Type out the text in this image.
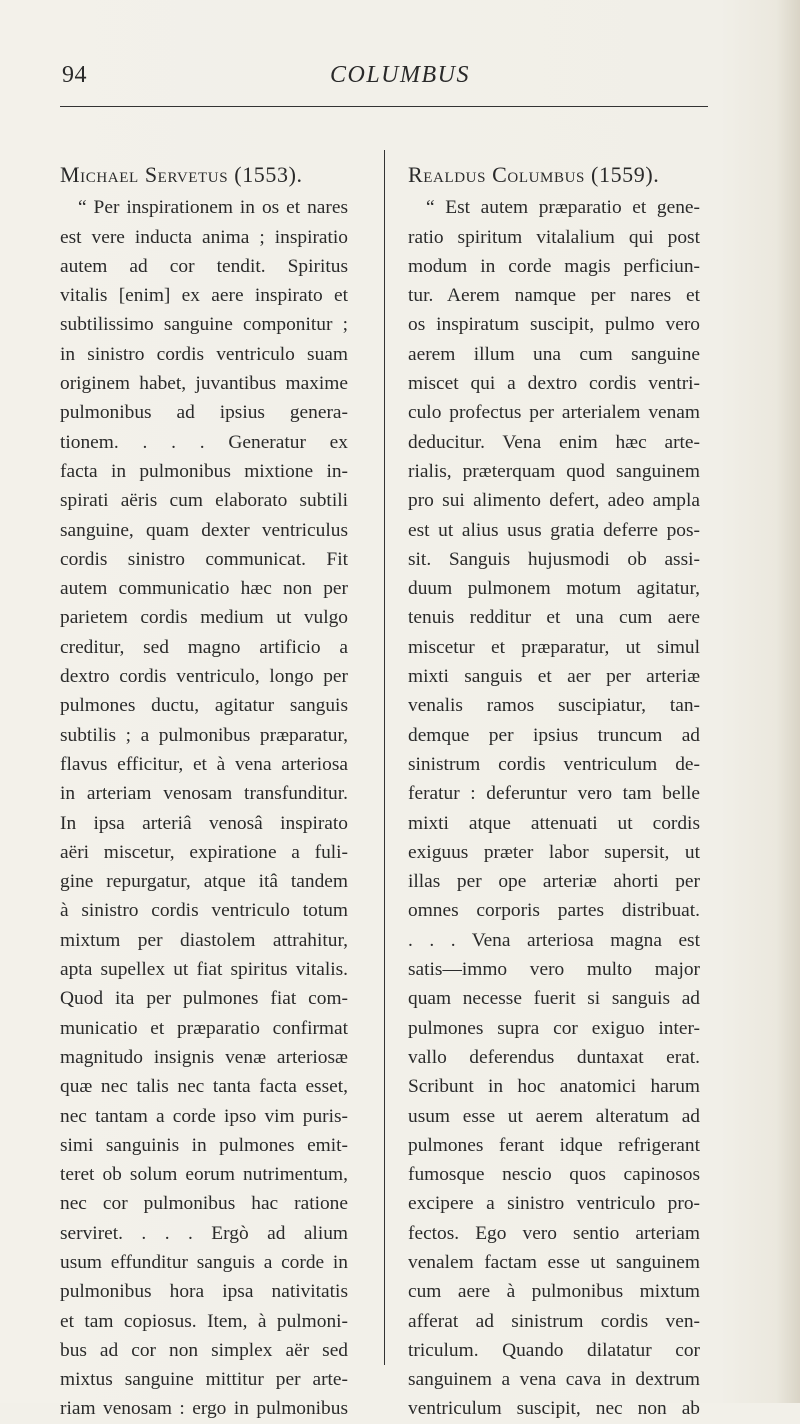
94	COLUMBUS
Michael Servetus (1553).
“ Per inspirationem in os et nares
est vere inducta anima ; inspiratio
autem ad cor tendit. Spiritus
vitalis [enim] ex aere inspirato et
subtilissimo sanguine componitur ;
in sinistro cordis ventriculo suam
originem habet, juvantibus maxime
pulmonibus ad ipsius genera-
tionem. . . . Generatur ex
facta in pulmonibus mixtione in-
spirati aëris cum elaborato subtili
sanguine, quam dexter ventriculus
cordis sinistro communicat. Fit
autem communicatio hæc non per
parietem cordis medium ut vulgo
creditur, sed magno artificio a
dextro cordis ventriculo, longo per
pulmones ductu, agitatur sanguis
subtilis ; a pulmonibus præparatur,
flavus efficitur, et à vena arteriosa
in arteriam venosam transfunditur.
In ipsa arteriâ venosâ inspirato
aëri miscetur, expiratione a fuli-
gine repurgatur, atque itâ tandem
à sinistro cordis ventriculo totum
mixtum per diastolem attrahitur,
apta supellex ut fiat spiritus vitalis.
Quod ita per pulmones fiat com-
municatio et præparatio confirmat
magnitudo insignis venæ arteriosæ
quæ nec talis nec tanta facta esset,
nec tantam a corde ipso vim puris-
simi sanguinis in pulmones emit-
teret ob solum eorum nutrimentum,
nec cor pulmonibus hac ratione
serviret. . . . Ergò ad alium
usum effunditur sanguis a corde in
pulmonibus hora ipsa nativitatis
et tam copiosus. Item, à pulmoni-
bus ad cor non simplex aër sed
mixtus sanguine mittitur per arte-
riam venosam : ergo in pulmonibus
Realdus Columbus (1559).
“ Est autem præparatio et gene-
ratio spiritum vitalalium qui post
modum in corde magis perficiun-
tur. Aerem namque per nares et
os inspiratum suscipit, pulmo vero
aerem illum una cum sanguine
miscet qui a dextro cordis ventri-
culo profectus per arterialem venam
deducitur. Vena enim hæc arte-
rialis, præterquam quod sanguinem
pro sui alimento defert, adeo ampla
est ut alius usus gratia deferre pos-
sit. Sanguis hujusmodi ob assi-
duum pulmonem motum agitatur,
tenuis redditur et una cum aere
miscetur et præparatur, ut simul
mixti sanguis et aer per arteriæ
venalis ramos suscipiatur, tan-
demque per ipsius truncum ad
sinistrum cordis ventriculum de-
feratur : deferuntur vero tam belle
mixti atque attenuati ut cordis
exiguus præter labor supersit, ut
illas per ope arteriæ ahorti per
omnes corporis partes distribuat.
. . . Vena arteriosa magna est
satis—immo vero multo major
quam necesse fuerit si sanguis ad
pulmones supra cor exiguo inter-
vallo deferendus duntaxat erat.
Scribunt in hoc anatomici harum
usum esse ut aerem alteratum ad
pulmones ferant idque refrigerant
fumosque nescio quos capinosos
excipere a sinistro ventriculo pro-
fectos. Ego vero sentio arteriam
venalem factam esse ut sanguinem
cum aere à pulmonibus mixtum
afferat ad sinistrum cordis ven-
triculum. Quando dilatatur cor
sanguinem a vena cava in dextrum
ventriculum suscipit, nec non ab
